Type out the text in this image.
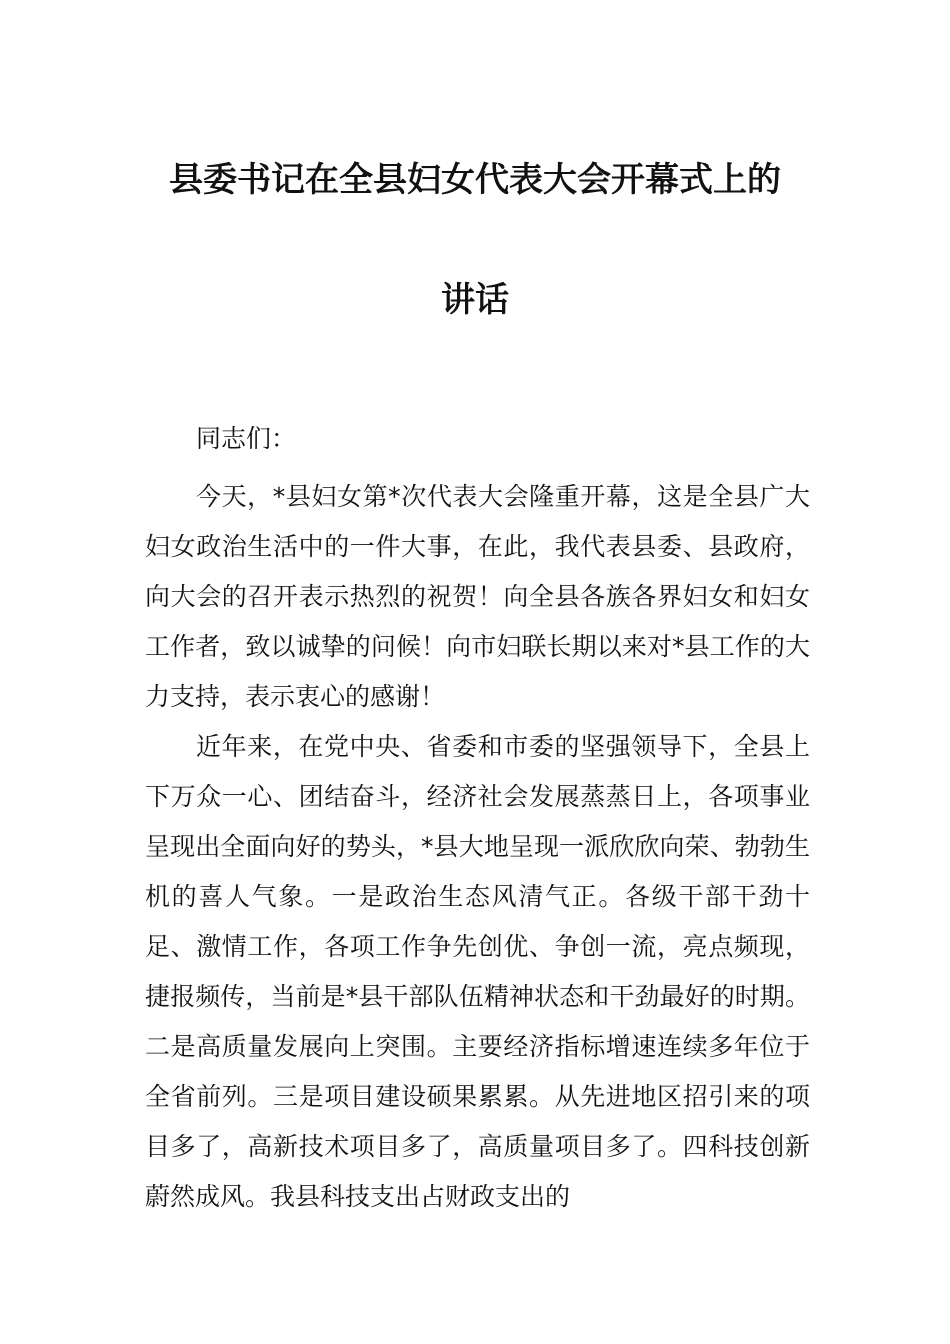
县委书记在全县妇女代表大会开幕式上的
讲话
同志们：

今天，*县妇女第*次代表大会隆重开幕，这是全县广大妇女政治生活中的一件大事，在此，我代表县委、县政府，向大会的召开表示热烈的祝贺！向全县各族各界妇女和妇女工作者，致以诚挚的问候！向市妇联长期以来对*县工作的大力支持，表示衷心的感谢！

近年来，在党中央、省委和市委的坚强领导下，全县上下万众一心、团结奋斗，经济社会发展蒸蒸日上，各项事业呈现出全面向好的势头，*县大地呈现一派欣欣向荣、勃勃生机的喜人气象。一是政治生态风清气正。各级干部干劲十足、激情工作，各项工作争先创优、争创一流，亮点频现，捷报频传，当前是*县干部队伍精神状态和干劲最好的时期。二是高质量发展向上突围。主要经济指标增速连续多年位于全省前列。三是项目建设硕果累累。从先进地区招引来的项目多了，高新技术项目多了，高质量项目多了。四科技创新蔚然成风。我县科技支出占财政支出的
